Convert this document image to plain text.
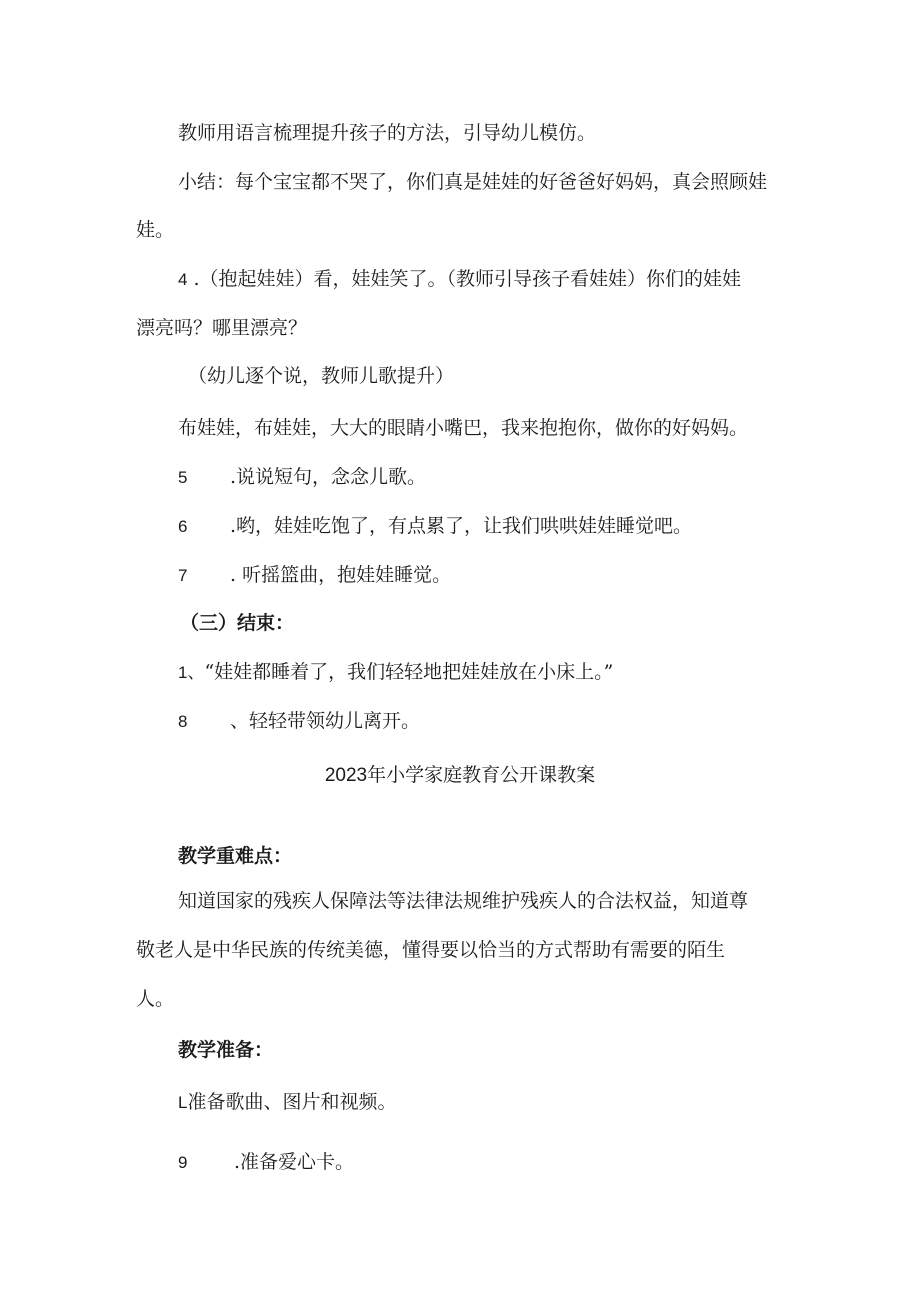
教师用语言梳理提升孩子的方法，引导幼儿模仿。
小结：每个宝宝都不哭了，你们真是娃娃的好爸爸好妈妈，真会照顾娃
娃。
4 .（抱起娃娃）看，娃娃笑了。（教师引导孩子看娃娃）你们的娃娃
漂亮吗？哪里漂亮？
（幼儿逐个说，教师儿歌提升）
布娃娃，布娃娃，大大的眼睛小嘴巴，我来抱抱你，做你的好妈妈。
5 .说说短句，念念儿歌。
6 .哟，娃娃吃饱了，有点累了，让我们哄哄娃娃睡觉吧。
7 . 听摇篮曲，抱娃娃睡觉。
（三）结束：
1、“娃娃都睡着了，我们轻轻地把娃娃放在小床上。”
8 、轻轻带领幼儿离开。
2023年小学家庭教育公开课教案
教学重难点：
知道国家的残疾人保障法等法律法规维护残疾人的合法权益，知道尊
敬老人是中华民族的传统美德，懂得要以恰当的方式帮助有需要的陌生
人。
教学准备：
L准备歌曲、图片和视频。
9 .准备爱心卡。
